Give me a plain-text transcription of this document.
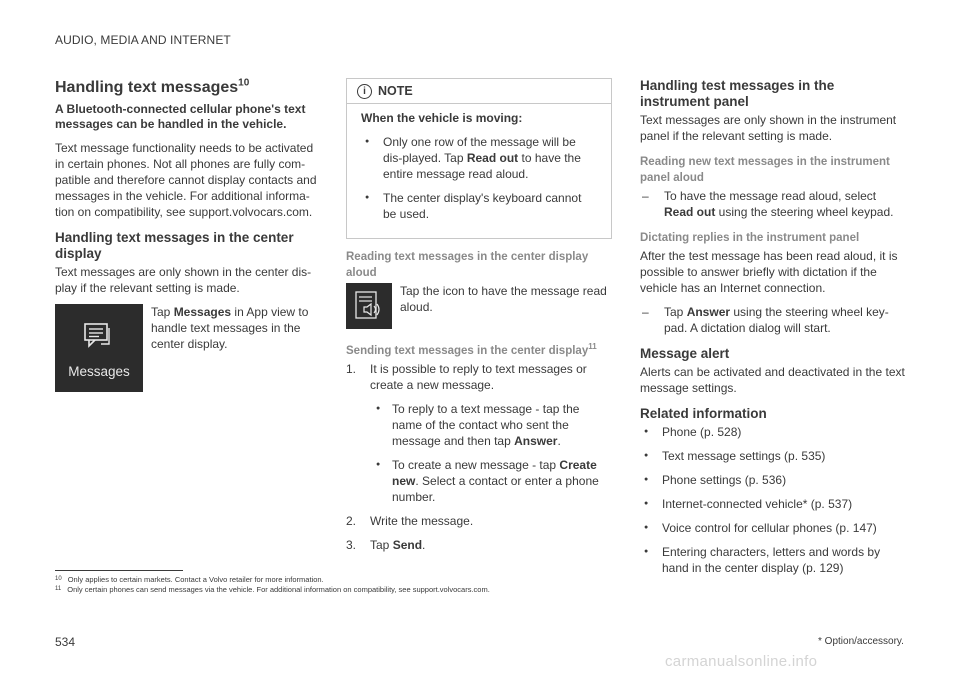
AUDIO, MEDIA AND INTERNET
Handling text messages$^{10}$
A Bluetooth-connected cellular phone's text messages can be handled in the vehicle.

Text message functionality needs to be activated in certain phones. Not all phones are fully com-patible and therefore cannot display contacts and messages in the vehicle. For additional informa-tion on compatibility, see support.volvocars.com.

Handling text messages in the center display

Text messages are only shown in the center dis-play if the relevant setting is made.

Messages
Tap Messages in App view to handle text messages in the center display.
i NOTE
When the vehicle is moving:
● Only one row of the message will be dis-played. Tap Read out to have the entire message read aloud.
● The center display's keyboard cannot be used.
Reading text messages in the center display aloud
Tap the icon to have the message read aloud.
Sending text messages in the center display$^{11}$
1. It is possible to reply to text messages or create a new message.
● To reply to a text message - tap the name of the contact who sent the message and then tap Answer.
● To create a new message - tap Create new. Select a contact or enter a phone number.
2. Write the message.
3. Tap Send.
Handling test messages in the instrument panel

Text messages are only shown in the instrument panel if the relevant setting is made.

Reading new text messages in the instrument panel aloud
– To have the message read aloud, select Read out using the steering wheel keypad.
Dictating replies in the instrument panel

After the test message has been read aloud, it is possible to answer briefly with dictation if the vehicle has an Internet connection.

– Tap Answer using the steering wheel key-pad. A dictation dialog will start.
Message alert

Alerts can be activated and deactivated in the text message settings.

Related information
● Phone (p. 528)
● Text message settings (p. 535)
● Phone settings (p. 536)
● Internet-connected vehicle* (p. 537)
● Voice control for cellular phones (p. 147)
● Entering characters, letters and words by hand in the center display (p. 129)
$^{10}$ Only applies to certain markets. Contact a Volvo retailer for more information.
$^{11}$ Only certain phones can send messages via the vehicle. For additional information on compatibility, see support.volvocars.com.
534	* Option/accessory.
carmanualsonline.info
